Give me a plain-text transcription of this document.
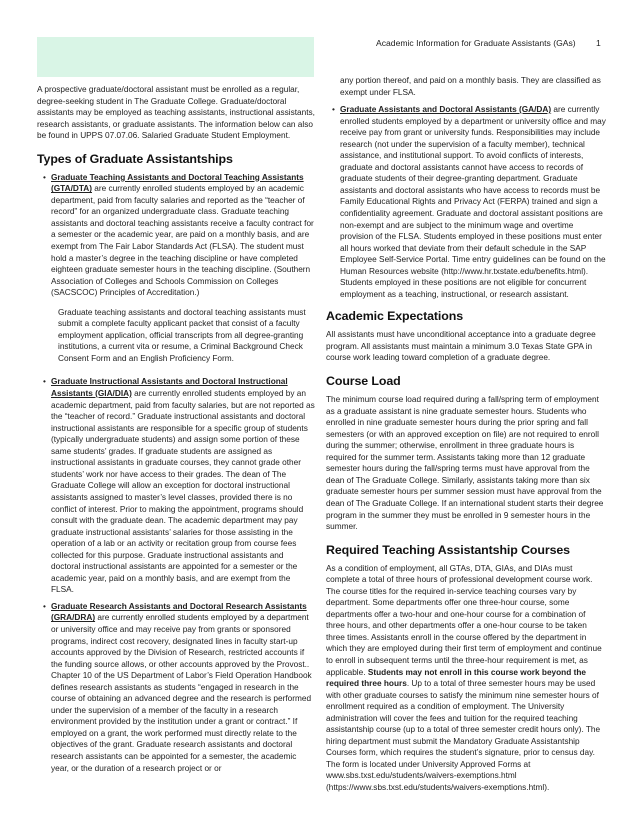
Academic Information for Graduate Assistants (GAs) 1

A prospective graduate/doctoral assistant must be enrolled as a regular, degree-seeking student in The Graduate College. Graduate/doctoral assistants may be employed as teaching assistants, instructional assistants, research assistants, or graduate assistants. The information below can also be found in UPPS 07.07.06. Salaried Graduate Student Employment.

Types of Graduate Assistantships
• Graduate Teaching Assistants and Doctoral Teaching Assistants (GTA/DTA) are currently enrolled students employed by an academic department, paid from faculty salaries and reported as the “teacher of record” for an organized undergraduate class. Graduate teaching assistants and doctoral teaching assistants receive a faculty contract for a semester or the academic year, are paid on a monthly basis, and are exempt from The Fair Labor Standards Act (FLSA). The student must hold a master’s degree in the teaching discipline or have completed eighteen graduate semester hours in the teaching discipline. (Southern Association of Colleges and Schools Commission on Colleges (SACSCOC) Principles of Accreditation.)

Graduate teaching assistants and doctoral teaching assistants must submit a complete faculty applicant packet that consist of a faculty employment application, official transcripts from all degree-granting institutions, a current vita or resume, a Criminal Background Check Consent Form and an English Proficiency Form.

• Graduate Instructional Assistants and Doctoral Instructional Assistants (GIA/DIA) are currently enrolled students employed by an academic department, paid from faculty salaries, but are not reported as the “teacher of record.” Graduate instructional assistants and doctoral instructional assistants are responsible for a specific group of students (typically undergraduate students) and assign some portion of these same students’ grades. If graduate students are assigned as instructional assistants in graduate courses, they cannot grade other students’ work nor have access to their grades. The dean of The Graduate College will allow an exception for doctoral instructional assistants assigned to master’s level classes, provided there is no conflict of interest. Prior to making the appointment, programs should consult with the graduate dean. The academic department may pay graduate instructional assistants’ salaries for those assisting in the operation of a lab or an activity or recitation group from course fees collected for this purpose. Graduate instructional assistants and doctoral instructional assistants are appointed for a semester or the academic year, paid on a monthly basis, and are exempt from the FLSA.
• Graduate Research Assistants and Doctoral Research Assistants (GRA/DRA) are currently enrolled students employed by a department or university office and may receive pay from grants or sponsored programs, indirect cost recovery, designated lines in faculty start-up accounts approved by the Division of Research, restricted accounts if the funding source allows, or other accounts approved by the Provost.. Chapter 10 of the US Department of Labor’s Field Operation Handbook defines research assistants as students “engaged in research in the course of obtaining an advanced degree and the research is performed under the supervision of a member of the faculty in a research environment provided by the institution under a grant or contract.” If employed on a grant, the work performed must directly relate to the objectives of the grant. Graduate research assistants and doctoral research assistants can be appointed for a semester, the academic year, or the duration of a research project or or

any portion thereof, and paid on a monthly basis. They are classified as exempt under FLSA.

• Graduate Assistants and Doctoral Assistants (GA/DA) are currently enrolled students employed by a department or university office and may receive pay from grant or university funds. Responsibilities may include research (not under the supervision of a faculty member), technical assistance, and institutional support. To avoid conflicts of interests, graduate and doctoral assistants cannot have access to records of graduate students of their degree-granting department. Graduate assistants and doctoral assistants who have access to records must be Family Educational Rights and Privacy Act (FERPA) trained and sign a confidentiality agreement. Graduate and doctoral assistant positions are non-exempt and are subject to the minimum wage and overtime provision of the FLSA. Students employed in these positions must enter all hours worked that deviate from their default schedule in the SAP Employee Self-Service Portal. Time entry guidelines can be found on the Human Resources website (http://www.hr.txstate.edu/benefits.html). Students employed in these positions are not eligible for concurrent employment as a teaching, instructional, or research assistant.
Academic Expectations

All assistants must have unconditional acceptance into a graduate degree program. All assistants must maintain a minimum 3.0 Texas State GPA in course work leading toward completion of a graduate degree.

Course Load

The minimum course load required during a fall/spring term of employment as a graduate assistant is nine graduate semester hours. Students who enrolled in nine graduate semester hours during the prior spring and fall semesters (or with an approved exception on file) are not required to enroll during the summer; otherwise, enrollment in three graduate hours is required for the summer term. Assistants taking more than 12 graduate semester hours during the fall/spring terms must have approval from the dean of The Graduate College. Similarly, assistants taking more than six graduate semester hours per summer session must have approval from the dean of The Graduate College. If an international student starts their degree program in the summer they must be enrolled in 9 semester hours in the summer.

Required Teaching Assistantship Courses

As a condition of employment, all GTAs, DTA, GIAs, and DIAs must complete a total of three hours of professional development course work. The course titles for the required in-service teaching courses vary by department. Some departments offer one three-hour course, some departments offer a two-hour and one-hour course for a combination of three hours, and other departments offer a one-hour course to be taken three times. Assistants enroll in the course offered by the department in which they are employed during their first term of employment and continue to enroll in subsequent terms until the three-hour requirement is met, as applicable. Students may not enroll in this course work beyond the required three hours. Up to a total of three semester hours may be used with other graduate courses to satisfy the minimum nine semester hours of enrollment required as a condition of employment. The University administration will cover the fees and tuition for the required teaching assistantship course (up to a total of three semester credit hours only). The hiring department must submit the Mandatory Graduate Assistantship Courses form, which requires the student’s signature, prior to census day. The form is located under University Approved Forms at www.sbs.txst.edu/students/waivers-exemptions.html (https://www.sbs.txst.edu/students/waivers-exemptions.html).
